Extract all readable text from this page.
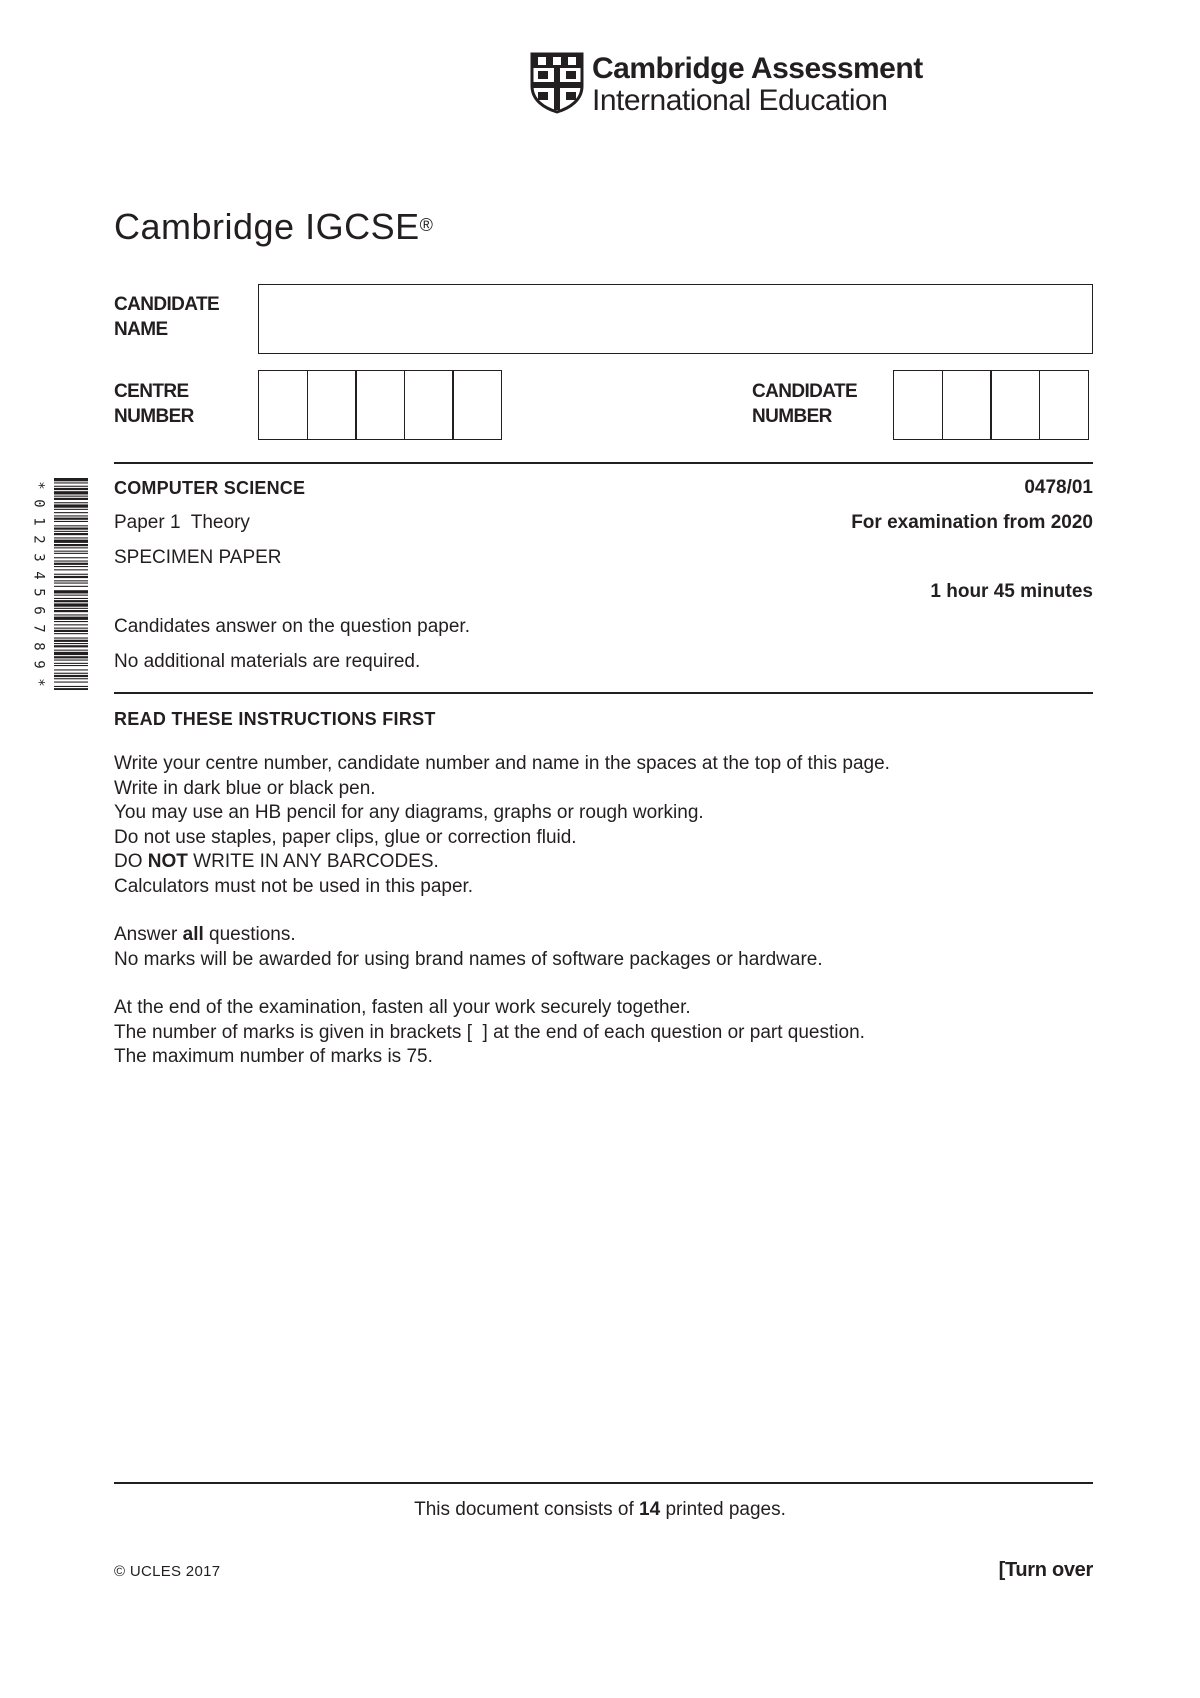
Cambridge Assessment
International Education
Cambridge IGCSE®
CANDIDATE
NAME
CENTRE
NUMBER
CANDIDATE
NUMBER
*
0
1
2
3
4
5
6
7
8
9
*
COMPUTER SCIENCE	0478/01
Paper 1  Theory	For examination from 2020
SPECIMEN PAPER
1 hour 45 minutes
Candidates answer on the question paper.
No additional materials are required.
READ THESE INSTRUCTIONS FIRST

Write your centre number, candidate number and name in the spaces at the top of this page.

Write in dark blue or black pen.

You may use an HB pencil for any diagrams, graphs or rough working.

Do not use staples, paper clips, glue or correction fluid.

DO NOT WRITE IN ANY BARCODES.

Calculators must not be used in this paper.

Answer all questions.

No marks will be awarded for using brand names of software packages or hardware.

At the end of the examination, fasten all your work securely together.

The number of marks is given in brackets [  ] at the end of each question or part question.

The maximum number of marks is 75.

This document consists of 14 printed pages.
© UCLES 2017	[Turn over
